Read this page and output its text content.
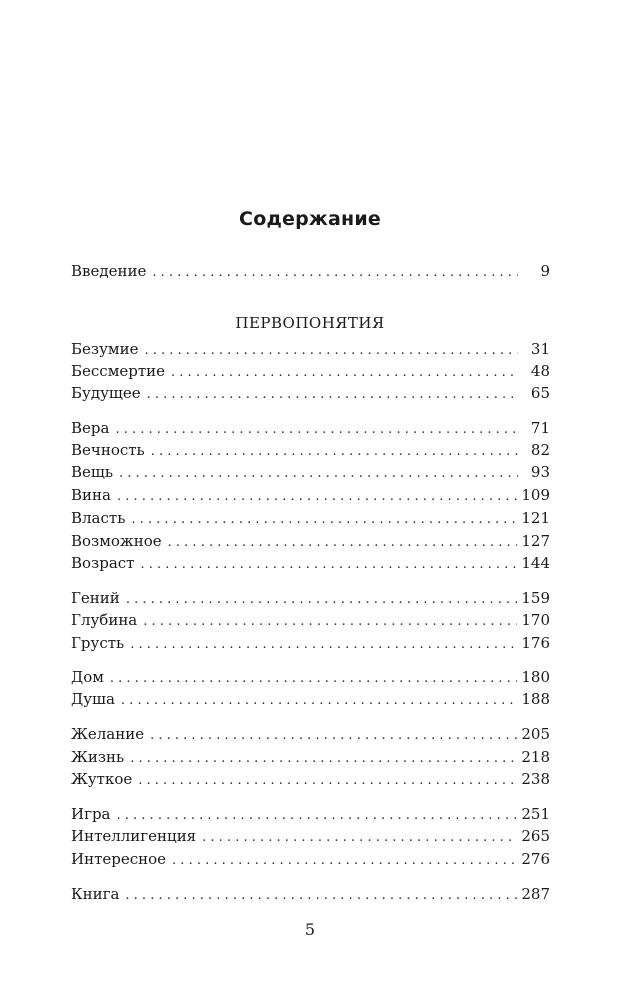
Содержание
Введение . . .	9
ПЕРВОПОНЯТИЯ
Безумие . . .	31
Бессмертие . . .	48
Будущее . . .	65
Вера . . .	71
Вечность . . .	82
Вещь . . .	93
Вина . . .	109
Власть . . .	121
Возможное . . .	127
Возраст . . .	144
Гений . . .	159
Глубина . . .	170
Грусть . . .	176
Дом . . .	180
Душа . . .	188
Желание . . .	205
Жизнь . . .	218
Жуткое . . .	238
Игра . . .	251
Интеллигенция . . .	265
Интересное . . .	276
Книга . . .	287
5
